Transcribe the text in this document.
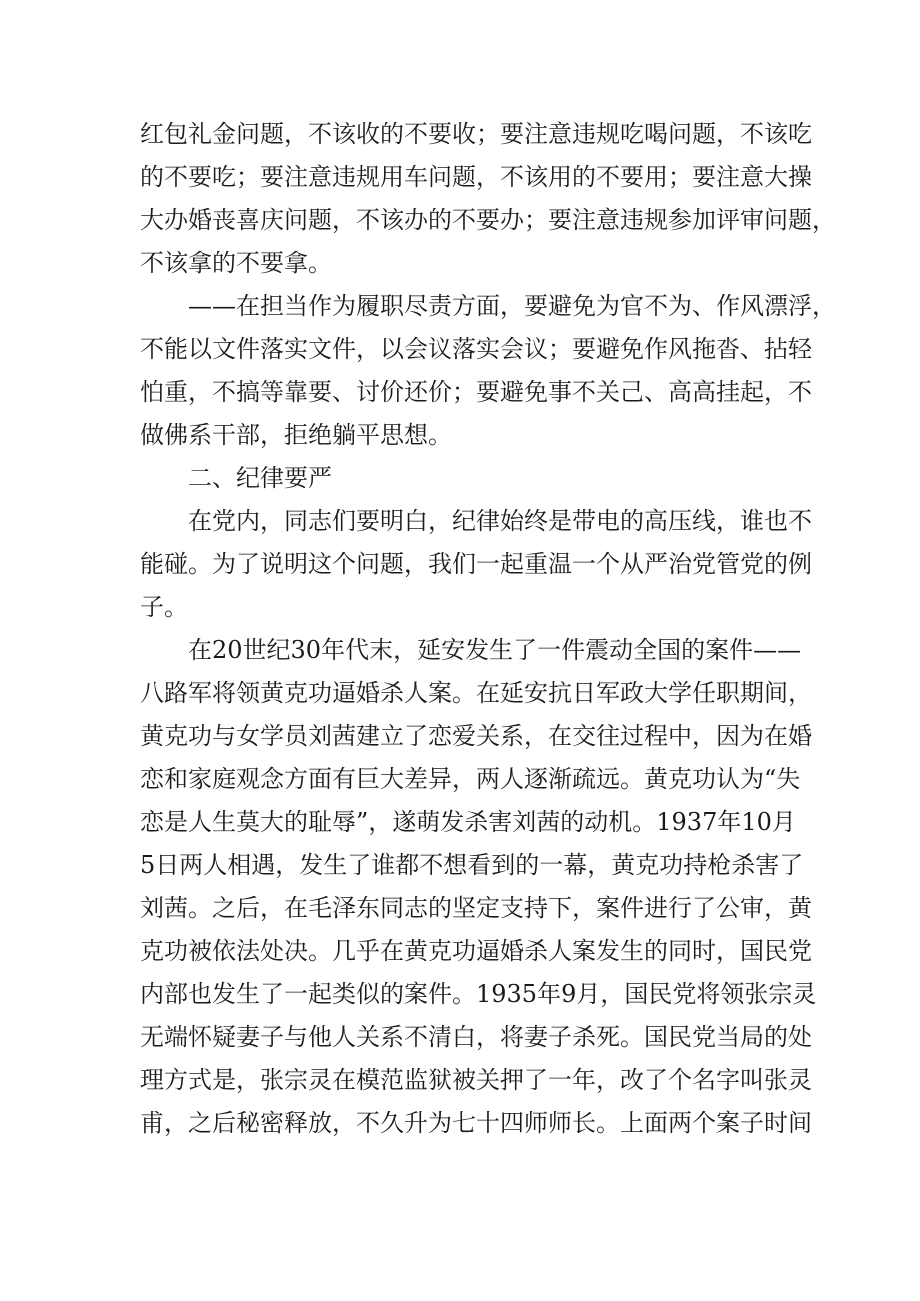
红包礼金问题，不该收的不要收；要注意违规吃喝问题，不该吃
的不要吃；要注意违规用车问题，不该用的不要用；要注意大操
大办婚丧喜庆问题，不该办的不要办；要注意违规参加评审问题，
不该拿的不要拿。
——在担当作为履职尽责方面，要避免为官不为、作风漂浮，
不能以文件落实文件，以会议落实会议；要避免作风拖沓、拈轻
怕重，不搞等靠要、讨价还价；要避免事不关己、高高挂起，不
做佛系干部，拒绝躺平思想。
二、纪律要严
在党内，同志们要明白，纪律始终是带电的高压线，谁也不
能碰。为了说明这个问题，我们一起重温一个从严治党管党的例
子。
在20世纪30年代末，延安发生了一件震动全国的案件——
八路军将领黄克功逼婚杀人案。在延安抗日军政大学任职期间，
黄克功与女学员刘茜建立了恋爱关系，在交往过程中，因为在婚
恋和家庭观念方面有巨大差异，两人逐渐疏远。黄克功认为“失
恋是人生莫大的耻辱”，遂萌发杀害刘茜的动机。1937年10月
5日两人相遇，发生了谁都不想看到的一幕，黄克功持枪杀害了
刘茜。之后，在毛泽东同志的坚定支持下，案件进行了公审，黄
克功被依法处决。几乎在黄克功逼婚杀人案发生的同时，国民党
内部也发生了一起类似的案件。1935年9月，国民党将领张宗灵
无端怀疑妻子与他人关系不清白，将妻子杀死。国民党当局的处
理方式是，张宗灵在模范监狱被关押了一年，改了个名字叫张灵
甫，之后秘密释放，不久升为七十四师师长。上面两个案子时间
